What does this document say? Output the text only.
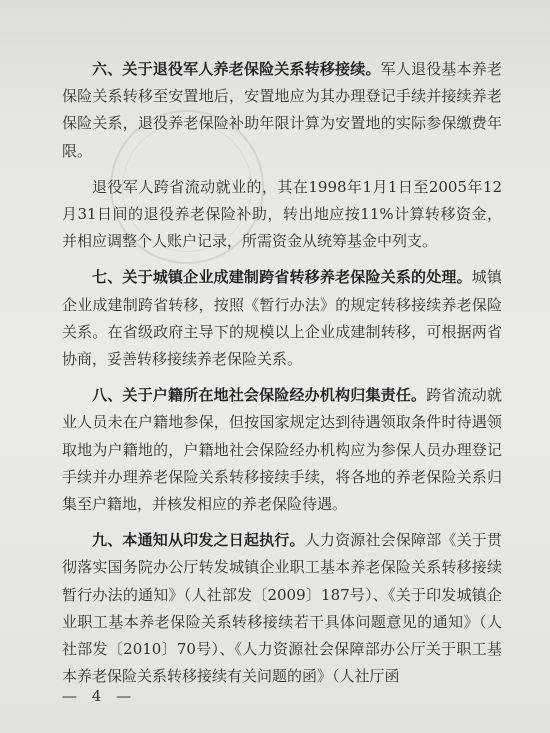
六、关于退役军人养老保险关系转移接续。军人退役基本养老保险关系转移至安置地后，安置地应为其办理登记手续并接续养老保险关系，退役养老保险补助年限计算为安置地的实际参保缴费年限。

退役军人跨省流动就业的，其在1998年1月1日至2005年12月31日间的退役养老保险补助，转出地应按11%计算转移资金，并相应调整个人账户记录，所需资金从统筹基金中列支。

七、关于城镇企业成建制跨省转移养老保险关系的处理。城镇企业成建制跨省转移，按照《暂行办法》的规定转移接续养老保险关系。在省级政府主导下的规模以上企业成建制转移，可根据两省协商，妥善转移接续养老保险关系。

八、关于户籍所在地社会保险经办机构归集责任。跨省流动就业人员未在户籍地参保，但按国家规定达到待遇领取条件时待遇领取地为户籍地的，户籍地社会保险经办机构应为参保人员办理登记手续并办理养老保险关系转移接续手续，将各地的养老保险关系归集至户籍地，并核发相应的养老保险待遇。

九、本通知从印发之日起执行。人力资源社会保障部《关于贯彻落实国务院办公厅转发城镇企业职工基本养老保险关系转移接续暂行办法的通知》（人社部发〔2009〕187号）、《关于印发城镇企业职工基本养老保险关系转移接续若干具体问题意见的通知》（人社部发〔2010〕70号）、《人力资源社会保障部办公厅关于职工基本养老保险关系转移接续有关问题的函》（人社厅函

— 4 —
